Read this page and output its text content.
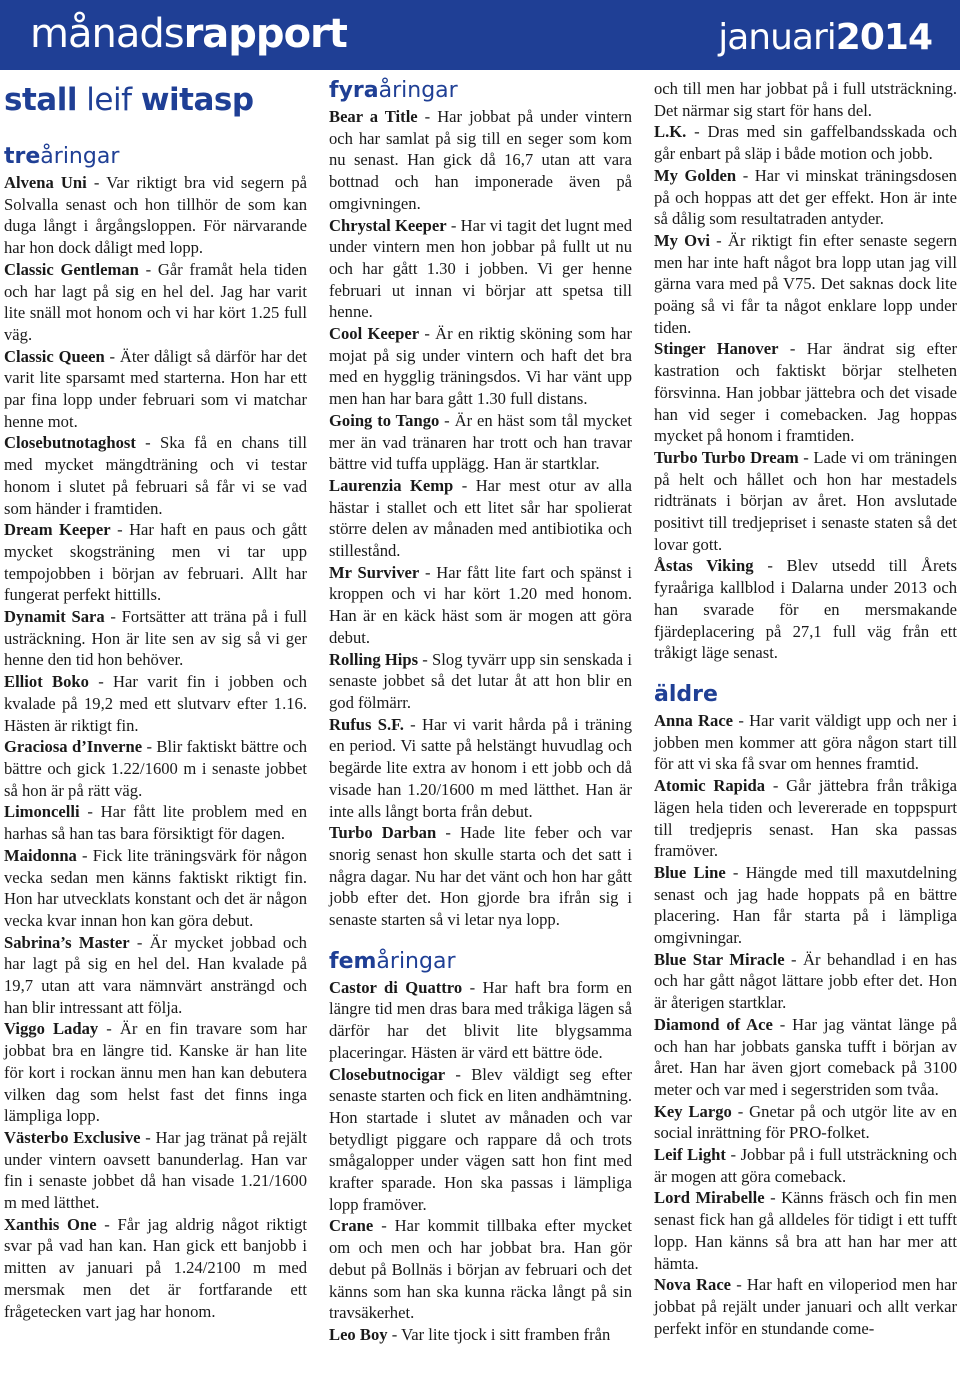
månadsrapport	januari2014
stall leif witasp
treåringar

Alvena Uni - Var riktigt bra vid segern på Solvalla senast och hon tillhör de som kan duga långt i årgångsloppen. För närvarande har hon dock dåligt med lopp.

Classic Gentleman - Går framåt hela tiden och har lagt på sig en hel del. Jag har varit lite snäll mot honom och vi har kört 1.25 full väg.

Classic Queen - Äter dåligt så därför har det varit lite sparsamt med starterna. Hon har ett par fina lopp under februari som vi matchar henne mot.

Closebutnotaghost - Ska få en chans till med mycket mängdträning och vi testar honom i slutet på februari så får vi se vad som händer i framtiden.

Dream Keeper - Har haft en paus och gått mycket skogsträning men vi tar upp tempojobben i början av februari. Allt har fungerat perfekt hittills.

Dynamit Sara - Fortsätter att träna på i full usträckning. Hon är lite sen av sig så vi ger henne den tid hon behöver.

Elliot Boko - Har varit fin i jobben och kvalade på 19,2 med ett slutvarv efter 1.16. Hästen är riktigt fin.

Graciosa d’Inverne - Blir faktiskt bättre och bättre och gick 1.22/1600 m i senaste jobbet så hon är på rätt väg.

Limoncelli - Har fått lite problem med en harhas så han tas bara försiktigt för dagen.

Maidonna - Fick lite träningsvärk för någon vecka sedan men känns faktiskt riktigt fin. Hon har utvecklats konstant och det är någon vecka kvar innan hon kan göra debut.

Sabrina’s Master - Är mycket jobbad och har lagt på sig en hel del. Han kvalade på 19,7 utan att vara nämnvärt ansträngd och han blir intressant att följa.

Viggo Laday - Är en fin travare som har jobbat bra en längre tid. Kanske är han lite för kort i rockan ännu men han kan debutera vilken dag som helst fast det finns inga lämpliga lopp.

Västerbo Exclusive - Har jag tränat på rejält under vintern oavsett banunderlag. Han var fin i senaste jobbet då han visade 1.21/1600 m med lätthet.

Xanthis One - Får jag aldrig något riktigt svar på vad han kan. Han gick ett banjobb i mitten av januari på 1.24/2100 m med mersmak men det är fortfarande ett frågetecken vart jag har honom.

fyraåringar

Bear a Title - Har jobbat på under vintern och har samlat på sig till en seger som kom nu senast. Han gick då 16,7 utan att vara bottnad och han imponerade även på omgivningen.

Chrystal Keeper - Har vi tagit det lugnt med under vintern men hon jobbar på fullt ut nu och har gått 1.30 i jobben. Vi ger henne februari ut innan vi börjar att spetsa till henne.

Cool Keeper - Är en riktig sköning som har mojat på sig under vintern och haft det bra med en hygglig träningsdos. Vi har vänt upp men han har bara gått 1.30 full distans.

Going to Tango - Är en häst som tål mycket mer än vad tränaren har trott och han travar bättre vid tuffa upplägg. Han är startklar.

Laurenzia Kemp - Har mest otur av alla hästar i stallet och ett litet sår har spolierat större delen av månaden med antibiotika och stillestånd.

Mr Surviver - Har fått lite fart och spänst i kroppen och vi har kört 1.20 med honom. Han är en käck häst som är mogen att göra debut.

Rolling Hips - Slog tyvärr upp sin senskada i senaste jobbet så det lutar åt att hon blir en god fölmärr.

Rufus S.F. - Har vi varit hårda på i träning en period. Vi satte på helstängt huvudlag och begärde lite extra av honom i ett jobb och då visade han 1.20/1600 m med lätthet. Han är inte alls långt borta från debut.

Turbo Darban - Hade lite feber och var snorig senast hon skulle starta och det satt i några dagar. Nu har det vänt och hon har gått jobb efter det. Hon gjorde bra ifrån sig i senaste starten så vi letar nya lopp.

femåringar

Castor di Quattro - Har haft bra form en längre tid men dras bara med tråkiga lägen så därför har det blivit lite blygsamma placeringar. Hästen är värd ett bättre öde.

Closebutnocigar - Blev väldigt seg efter senaste starten och fick en liten andhämtning. Hon startade i slutet av månaden och var betydligt piggare och rappare då och trots smågalopper under vägen satt hon fint med krafter sparade. Hon ska passas i lämpliga lopp framöver.

Crane - Har kommit tillbaka efter mycket om och men och har jobbat bra. Han gör debut på Bollnäs i början av februari och det känns som han ska kunna räcka långt på sin travsäkerhet.

Leo Boy - Var lite tjock i sitt framben från

och till men har jobbat på i full utsträckning. Det närmar sig start för hans del.

L.K. - Dras med sin gaffelbandsskada och går enbart på släp i både motion och jobb.

My Golden - Har vi minskat träningsdosen på och hoppas att det ger effekt. Hon är inte så dålig som resultatraden antyder.

My Ovi - Är riktigt fin efter senaste segern men har inte haft något bra lopp utan jag vill gärna vara med på V75. Det saknas dock lite poäng så vi får ta något enklare lopp under tiden.

Stinger Hanover - Har ändrat sig efter kastration och faktiskt börjar stelheten försvinna. Han jobbar jättebra och det visade han vid seger i comebacken. Jag hoppas mycket på honom i framtiden.

Turbo Turbo Dream - Lade vi om träningen på helt och hållet och hon har mestadels ridtränats i början av året. Hon avslutade positivt till tredjepriset i senaste staten så det lovar gott.

Åstas Viking - Blev utsedd till Årets fyraåriga kallblod i Dalarna under 2013 och han svarade för en mersmakande fjärdeplacering på 27,1 full väg från ett tråkigt läge senast.

äldre

Anna Race - Har varit väldigt upp och ner i jobben men kommer att göra någon start till för att vi ska få svar om hennes framtid.

Atomic Rapida - Går jättebra från tråkiga lägen hela tiden och levererade en toppspurt till tredjepris senast. Han ska passas framöver.

Blue Line - Hängde med till maxutdelning senast och jag hade hoppats på en bättre placering. Han får starta på i lämpliga omgivningar.

Blue Star Miracle - Är behandlad i en has och har gått något lättare jobb efter det. Hon är återigen startklar.

Diamond of Ace - Har jag väntat länge på och han har jobbats ganska tufft i början av året. Han har även gjort comeback på 3100 meter och var med i segerstriden som tvåa.

Key Largo - Gnetar på och utgör lite av en social inrättning för PRO-folket.

Leif Light - Jobbar på i full utsträckning och är mogen att göra comeback.

Lord Mirabelle - Känns fräsch och fin men senast fick han gå alldeles för tidigt i ett tufft lopp. Han känns så bra att han har mer att hämta.

Nova Race - Har haft en viloperiod men har jobbat på rejält under januari och allt verkar perfekt inför en stundande come-
